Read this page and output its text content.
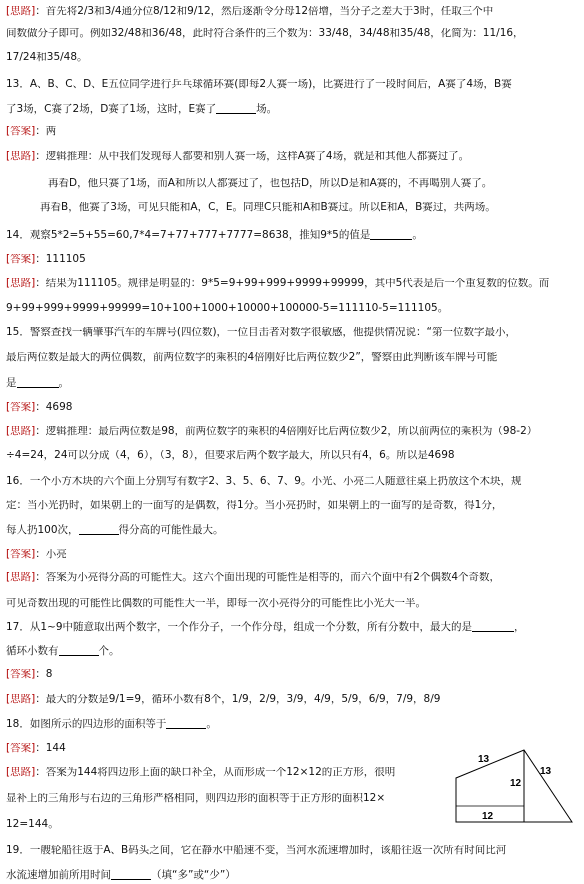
[思路]：首先将2/3和3/4通分位8/12和9/12，然后逐渐令分母12倍增，当分子之差大于3时，任取三个中
间数做分子即可。例如32/48和36/48，此时符合条件的三个数为：33/48，34/48和35/48，化简为：11/16，
17/24和35/48。
13．A、B、C、D、E五位同学进行乒乓球循环赛(即每2人赛一场)，比赛进行了一段时间后，A赛了4场，B赛
了3场，C赛了2场，D赛了1场，这时，E赛了	场。
[答案]：两
[思路]：逻辑推理：从中我们发现每人都要和别人赛一场，这样A赛了4场，就是和其他人都赛过了。
再看D，他只赛了1场，而A和所以人都赛过了，也包括D，所以D是和A赛的，不再喝别人赛了。
再看B，他赛了3场，可见只能和A，C，E。同理C只能和A和B赛过。所以E和A，B赛过，共两场。
14．观察5*2=5+55=60,7*4=7+77+777+7777=8638，推知9*5的值是	。
[答案]：111105
[思路]：结果为111105。规律是明显的：9*5=9+99+999+9999+99999，其中5代表是后一个重复数的位数。而
9+99+999+9999+99999=10+100+1000+10000+100000-5=111110-5=111105。
15．警察查找一辆肇事汽车的车牌号(四位数)，一位目击者对数字很敏感，他提供情况说：“第一位数字最小，
最后两位数是最大的两位偶数，前两位数字的乘积的4倍刚好比后两位数少2”，警察由此判断该车牌号可能
是	。
[答案]：4698
[思路]：逻辑推理：最后两位数是98，前两位数字的乘积的4倍刚好比后两位数少2，所以前两位的乘积为（98-2）
÷4=24，24可以分成（4，6），（3，8），但要求后两个数字最大，所以只有4，6。所以是4698
16．一个小方木块的六个面上分别写有数字2、3、5、6、7、9。小光、小亮二人随意往桌上扔放这个木块，规
定：当小光扔时，如果朝上的一面写的是偶数，得1分。当小亮扔时，如果朝上的一面写的是奇数，得1分，
每人扔100次，	得分高的可能性最大。
[答案]：小亮
[思路]：答案为小亮得分高的可能性大。这六个面出现的可能性是相等的，而六个面中有2个偶数4个奇数，
可见奇数出现的可能性比偶数的可能性大一半，即每一次小亮得分的可能性比小光大一半。
17．从1~9中随意取出两个数字，一个作分子，一个作分母，组成一个分数，所有分数中，最大的是	，
循环小数有	个。
[答案]：8
[思路]：最大的分数是9/1=9，循环小数有8个，1/9，2/9，3/9，4/9，5/9，6/9，7/9，8/9
18．如图所示的四边形的面积等于	。
[答案]：144
[思路]：答案为144将四边形上面的缺口补全，从而形成一个12×12的正方形，很明
显补上的三角形与右边的三角形严格相同，则四边形的面积等于正方形的面积12×
12=144。
19．一艘轮船往返于A、B码头之间，它在静水中船速不变，当河水流速增加时，该船往返一次所有时间比河
水流速增加前所用时间	（填“多”或“少”）
13
13
12
12
